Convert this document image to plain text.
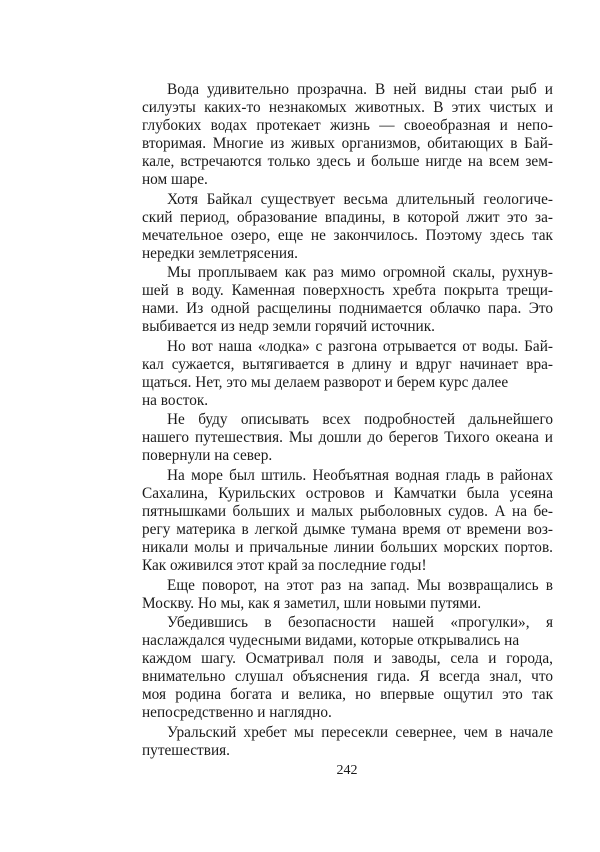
Вода удивительно прозрачна. В ней видны стаи рыб и
силуэты каких-то незнакомых животных. В этих чистых и
глубоких водах протекает жизнь — своеобразная и непо-
вторимая. Многие из живых организмов, обитающих в Бай-
кале, встречаются только здесь и больше нигде на всем зем-
ном шаре.
Хотя Байкал существует весьма длительный геологиче-
ский период, образование впадины, в которой лжит это за-
мечательное озеро, еще не закончилось. Поэтому здесь так
нередки землетрясения.
Мы проплываем как раз мимо огромной скалы, рухнув-
шей в воду. Каменная поверхность хребта покрыта трещи-
нами. Из одной расщелины поднимается облачко пара. Это
выбивается из недр земли горячий источник.
Но вот наша «лодка» с разгона отрывается от воды. Бай-
кал сужается, вытягивается в длину и вдруг начинает вра-
щаться. Нет, это мы делаем разворот и берем курс далее
на восток.
Не буду описывать всех подробностей дальнейшего
нашего путешествия. Мы дошли до берегов Тихого океана и
повернули на север.
На море был штиль. Необъятная водная гладь в районах
Сахалина, Курильских островов и Камчатки была усеяна
пятнышками больших и малых рыболовных судов. А на бе-
регу материка в легкой дымке тумана время от времени воз-
никали молы и причальные линии больших морских портов.
Как оживился этот край за последние годы!
Еще поворот, на этот раз на запад. Мы возвращались в
Москву. Но мы, как я заметил, шли новыми путями.
Убедившись в безопасности нашей «прогулки», я
наслаждался чудесными видами, которые открывались на
каждом шагу. Осматривал поля и заводы, села и города,
внимательно слушал объяснения гида. Я всегда знал, что
моя родина богата и велика, но впервые ощутил это так
непосредственно и наглядно.
Уральский хребет мы пересекли севернее, чем в начале
путешествия.
242
